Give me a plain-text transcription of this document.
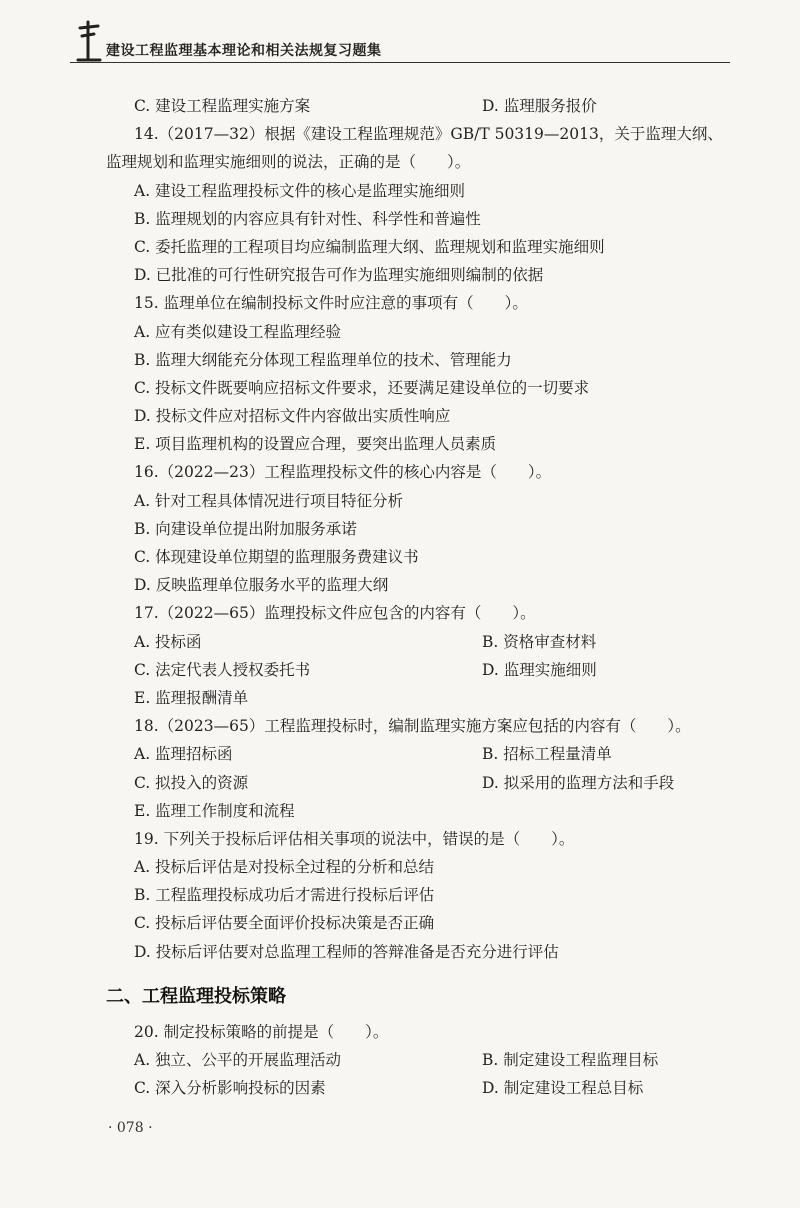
建设工程监理基本理论和相关法规复习题集
C. 建设工程监理实施方案	D. 监理服务报价
14.（2017—32）根据《建设工程监理规范》GB/T 50319—2013，关于监理大纲、
监理规划和监理实施细则的说法，正确的是（　　）。
A. 建设工程监理投标文件的核心是监理实施细则
B. 监理规划的内容应具有针对性、科学性和普遍性
C. 委托监理的工程项目均应编制监理大纲、监理规划和监理实施细则
D. 已批准的可行性研究报告可作为监理实施细则编制的依据
15. 监理单位在编制投标文件时应注意的事项有（　　）。
A. 应有类似建设工程监理经验
B. 监理大纲能充分体现工程监理单位的技术、管理能力
C. 投标文件既要响应招标文件要求，还要满足建设单位的一切要求
D. 投标文件应对招标文件内容做出实质性响应
E. 项目监理机构的设置应合理，要突出监理人员素质
16.（2022—23）工程监理投标文件的核心内容是（　　）。
A. 针对工程具体情况进行项目特征分析
B. 向建设单位提出附加服务承诺
C. 体现建设单位期望的监理服务费建议书
D. 反映监理单位服务水平的监理大纲
17.（2022—65）监理投标文件应包含的内容有（　　）。
A. 投标函	B. 资格审查材料
C. 法定代表人授权委托书	D. 监理实施细则
E. 监理报酬清单
18.（2023—65）工程监理投标时，编制监理实施方案应包括的内容有（　　）。
A. 监理招标函	B. 招标工程量清单
C. 拟投入的资源	D. 拟采用的监理方法和手段
E. 监理工作制度和流程
19. 下列关于投标后评估相关事项的说法中，错误的是（　　）。
A. 投标后评估是对投标全过程的分析和总结
B. 工程监理投标成功后才需进行投标后评估
C. 投标后评估要全面评价投标决策是否正确
D. 投标后评估要对总监理工程师的答辩准备是否充分进行评估
二、工程监理投标策略
20. 制定投标策略的前提是（　　）。
A. 独立、公平的开展监理活动	B. 制定建设工程监理目标
C. 深入分析影响投标的因素	D. 制定建设工程总目标
· 078 ·
